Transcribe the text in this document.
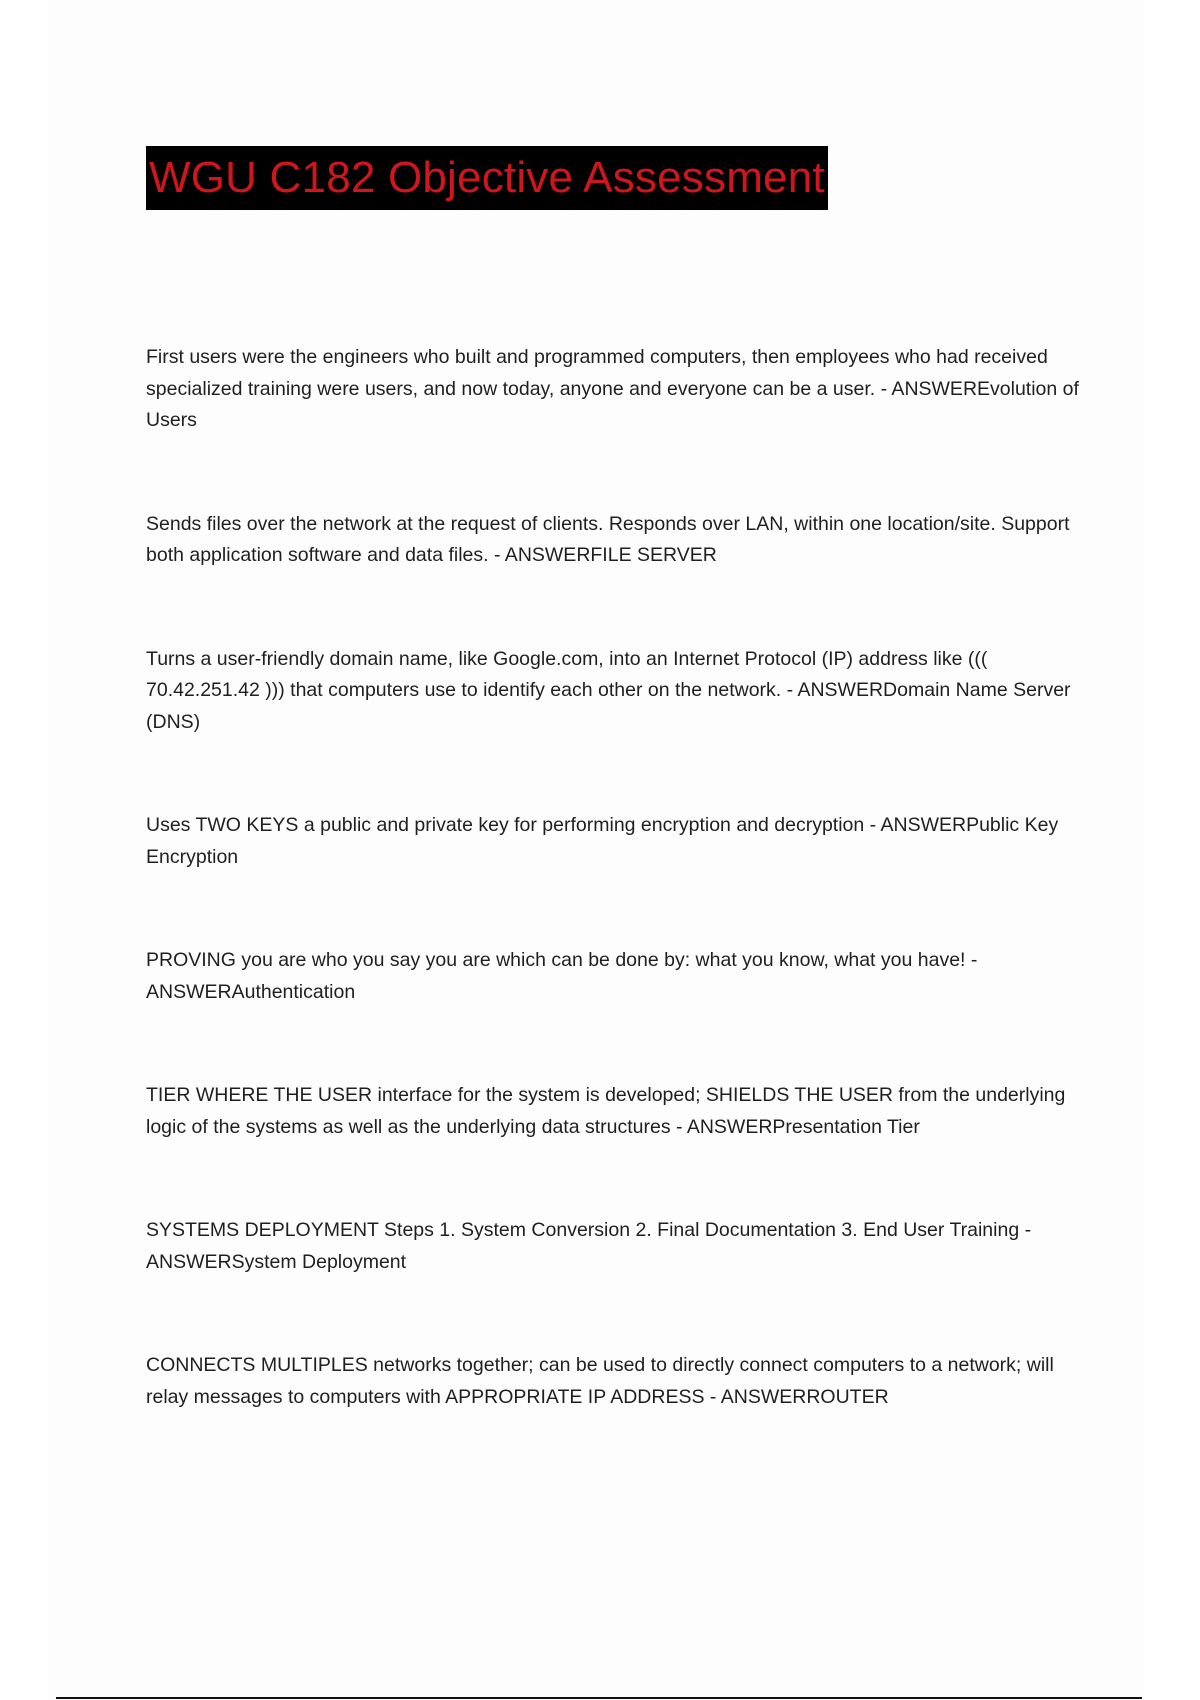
WGU C182 Objective Assessment

First users were the engineers who built and programmed computers, then employees who had received specialized training were users, and now today, anyone and everyone can be a user. - ANSWEREvolution of Users

Sends files over the network at the request of clients. Responds over LAN, within one location/site. Support both application software and data files. - ANSWERFILE SERVER

Turns a user-friendly domain name, like Google.com, into an Internet Protocol (IP) address like ((( 70.42.251.42 ))) that computers use to identify each other on the network. - ANSWERDomain Name Server (DNS)

Uses TWO KEYS a public and private key for performing encryption and decryption - ANSWERPublic Key Encryption

PROVING you are who you say you are which can be done by: what you know, what you have! - ANSWERAuthentication

TIER WHERE THE USER interface for the system is developed; SHIELDS THE USER from the underlying logic of the systems as well as the underlying data structures - ANSWERPresentation Tier

SYSTEMS DEPLOYMENT Steps 1. System Conversion 2. Final Documentation 3. End User Training - ANSWERSystem Deployment

CONNECTS MULTIPLES networks together; can be used to directly connect computers to a network; will relay messages to computers with APPROPRIATE IP ADDRESS - ANSWERROUTER
